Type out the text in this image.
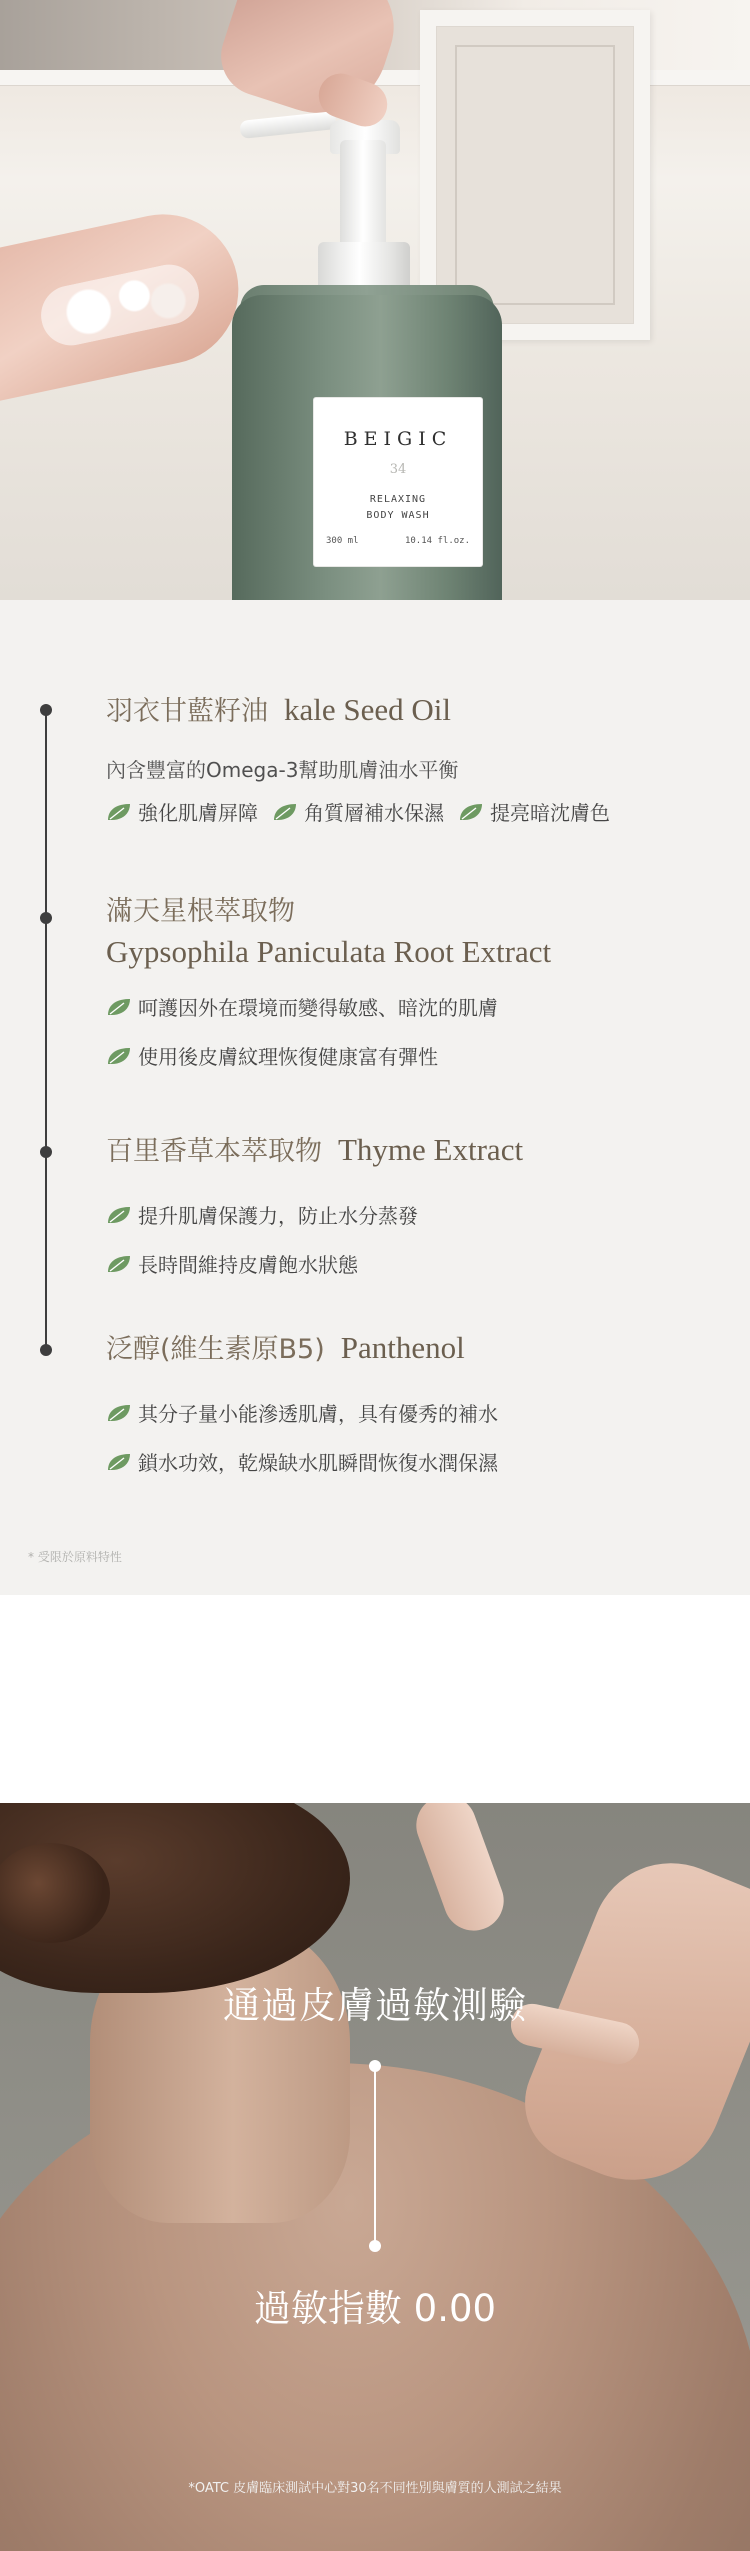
BEIGIC
34
RELAXING
BODY WASH
300 ml	10.14 fl.oz.
羽衣甘藍籽油 kale Seed Oil
內含豐富的Omega-3幫助肌膚油水平衡
強化肌膚屏障 角質層補水保濕 提亮暗沈膚色
滿天星根萃取物
Gypsophila Paniculata Root Extract
呵護因外在環境而變得敏感、暗沈的肌膚
使用後皮膚紋理恢復健康富有彈性
百里香草本萃取物 Thyme Extract
提升肌膚保護力，防止水分蒸發
長時間維持皮膚飽水狀態
泛醇(維生素原B5) Panthenol
其分子量小能滲透肌膚，具有優秀的補水
鎖水功效，乾燥缺水肌瞬間恢復水潤保濕
* 受限於原料特性
通過皮膚過敏測驗
過敏指數 0.00
*OATC 皮膚臨床測試中心對30名不同性別與膚質的人測試之結果
